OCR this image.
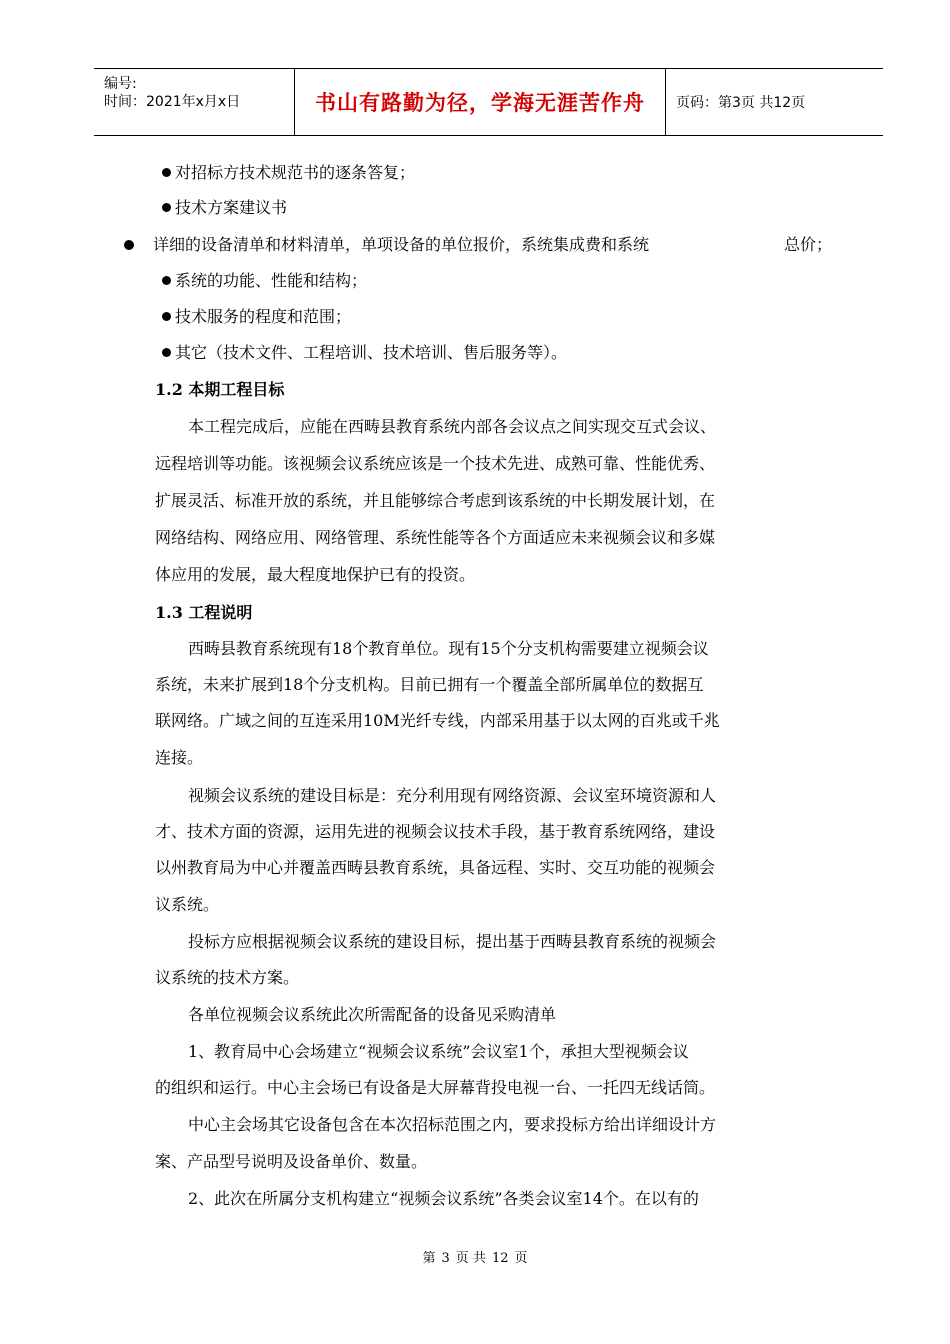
编号:
时间：2021年x月x日	书山有路勤为径，学海无涯苦作舟 页码：第3页 共12页
对招标方技术规范书的逐条答复；
技术方案建议书
详细的设备清单和材料清单，单项设备的单位报价，系统集成费和系统	总价；
系统的功能、性能和结构；
技术服务的程度和范围；
其它（技术文件、工程培训、技术培训、售后服务等）。
1.2 本期工程目标
本工程完成后，应能在西畴县教育系统内部各会议点之间实现交互式会议、
远程培训等功能。该视频会议系统应该是一个技术先进、成熟可靠、性能优秀、
扩展灵活、标准开放的系统，并且能够综合考虑到该系统的中长期发展计划，在
网络结构、网络应用、网络管理、系统性能等各个方面适应未来视频会议和多媒
体应用的发展，最大程度地保护已有的投资。
1.3 工程说明
西畴县教育系统现有18个教育单位。现有15个分支机构需要建立视频会议
系统，未来扩展到18个分支机构。目前已拥有一个覆盖全部所属单位的数据互
联网络。广域之间的互连采用10M光纤专线，内部采用基于以太网的百兆或千兆
连接。
视频会议系统的建设目标是：充分利用现有网络资源、会议室环境资源和人
才、技术方面的资源，运用先进的视频会议技术手段，基于教育系统网络，建设
以州教育局为中心并覆盖西畴县教育系统，具备远程、实时、交互功能的视频会
议系统。
投标方应根据视频会议系统的建设目标，提出基于西畴县教育系统的视频会
议系统的技术方案。
各单位视频会议系统此次所需配备的设备见采购清单
1、教育局中心会场建立“视频会议系统”会议室1个，承担大型视频会议
的组织和运行。中心主会场已有设备是大屏幕背投电视一台、一托四无线话筒。
中心主会场其它设备包含在本次招标范围之内，要求投标方给出详细设计方
案、产品型号说明及设备单价、数量。
2、此次在所属分支机构建立“视频会议系统”各类会议室14个。在以有的
第 3 页 共 12 页
